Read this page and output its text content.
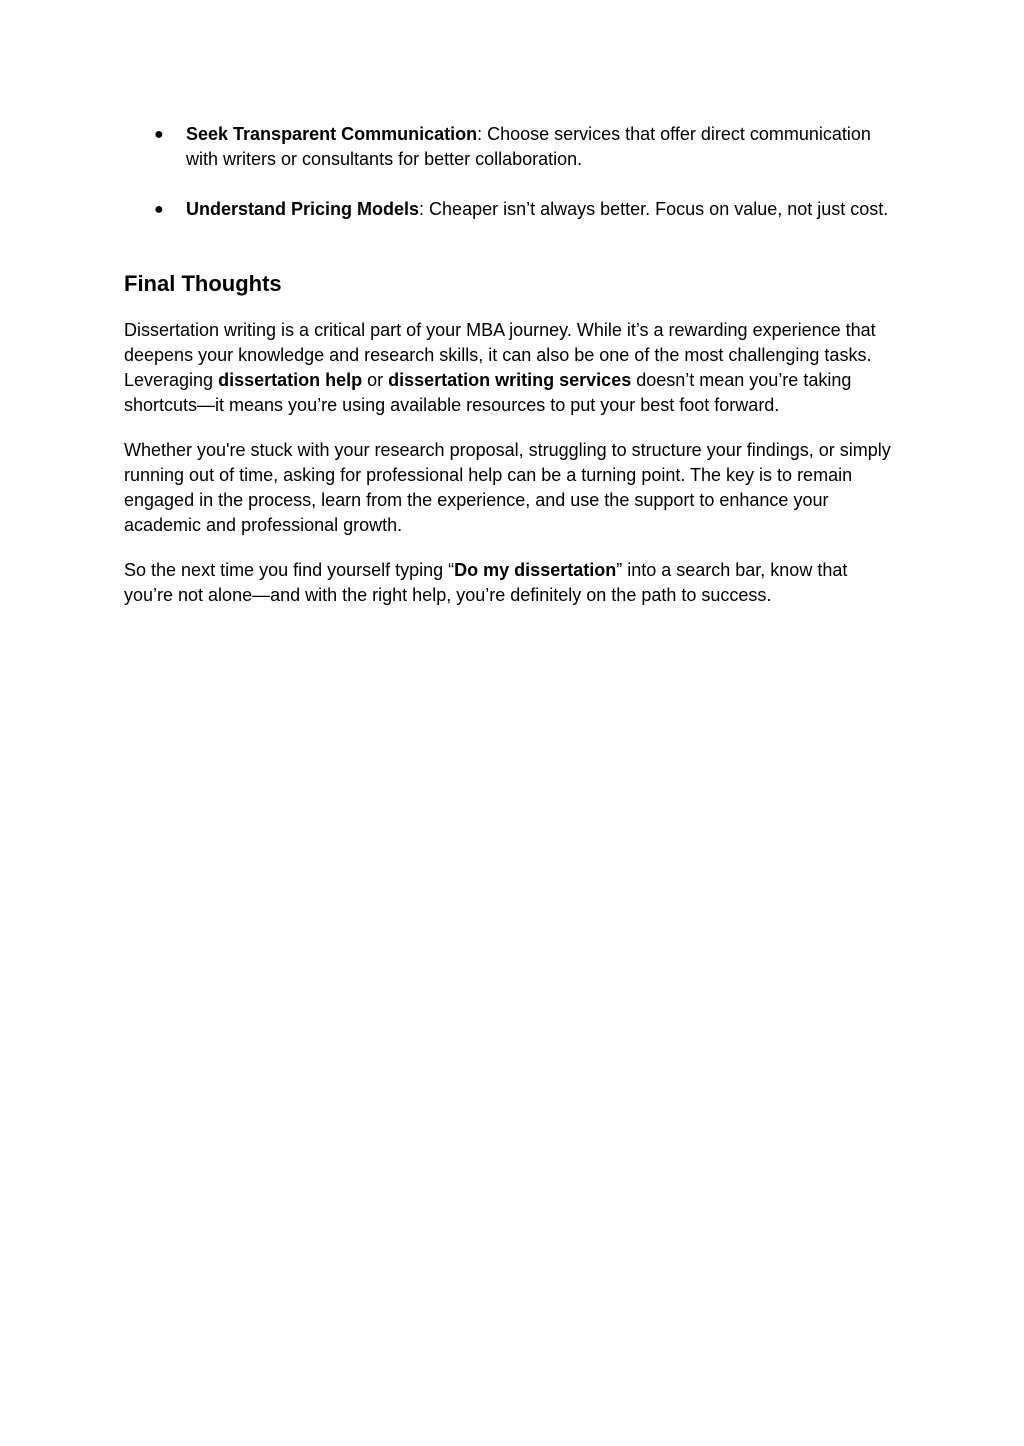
● Seek Transparent Communication: Choose services that offer direct communication with writers or consultants for better collaboration.
● Understand Pricing Models: Cheaper isn’t always better. Focus on value, not just cost.
Final Thoughts

Dissertation writing is a critical part of your MBA journey. While it’s a rewarding experience that deepens your knowledge and research skills, it can also be one of the most challenging tasks. Leveraging dissertation help or dissertation writing services doesn’t mean you’re taking shortcuts—it means you’re using available resources to put your best foot forward.

Whether you're stuck with your research proposal, struggling to structure your findings, or simply running out of time, asking for professional help can be a turning point. The key is to remain engaged in the process, learn from the experience, and use the support to enhance your academic and professional growth.

So the next time you find yourself typing “Do my dissertation” into a search bar, know that you’re not alone—and with the right help, you’re definitely on the path to success.
